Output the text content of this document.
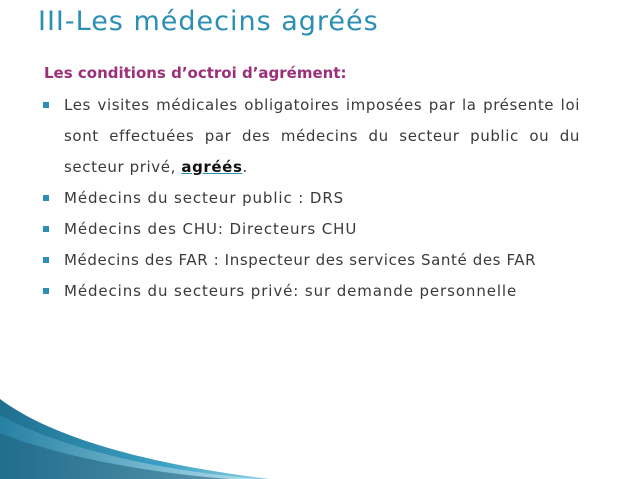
III-Les médecins agréés
Les conditions d’octroi d’agrément:
Les visites médicales obligatoires imposées par la présente loi sont effectuées par des médecins du secteur public ou du secteur privé, agréés.
Médecins du secteur public : DRS
Médecins des CHU: Directeurs CHU
Médecins des FAR : Inspecteur des services Santé des FAR
Médecins du secteurs privé: sur demande personnelle
